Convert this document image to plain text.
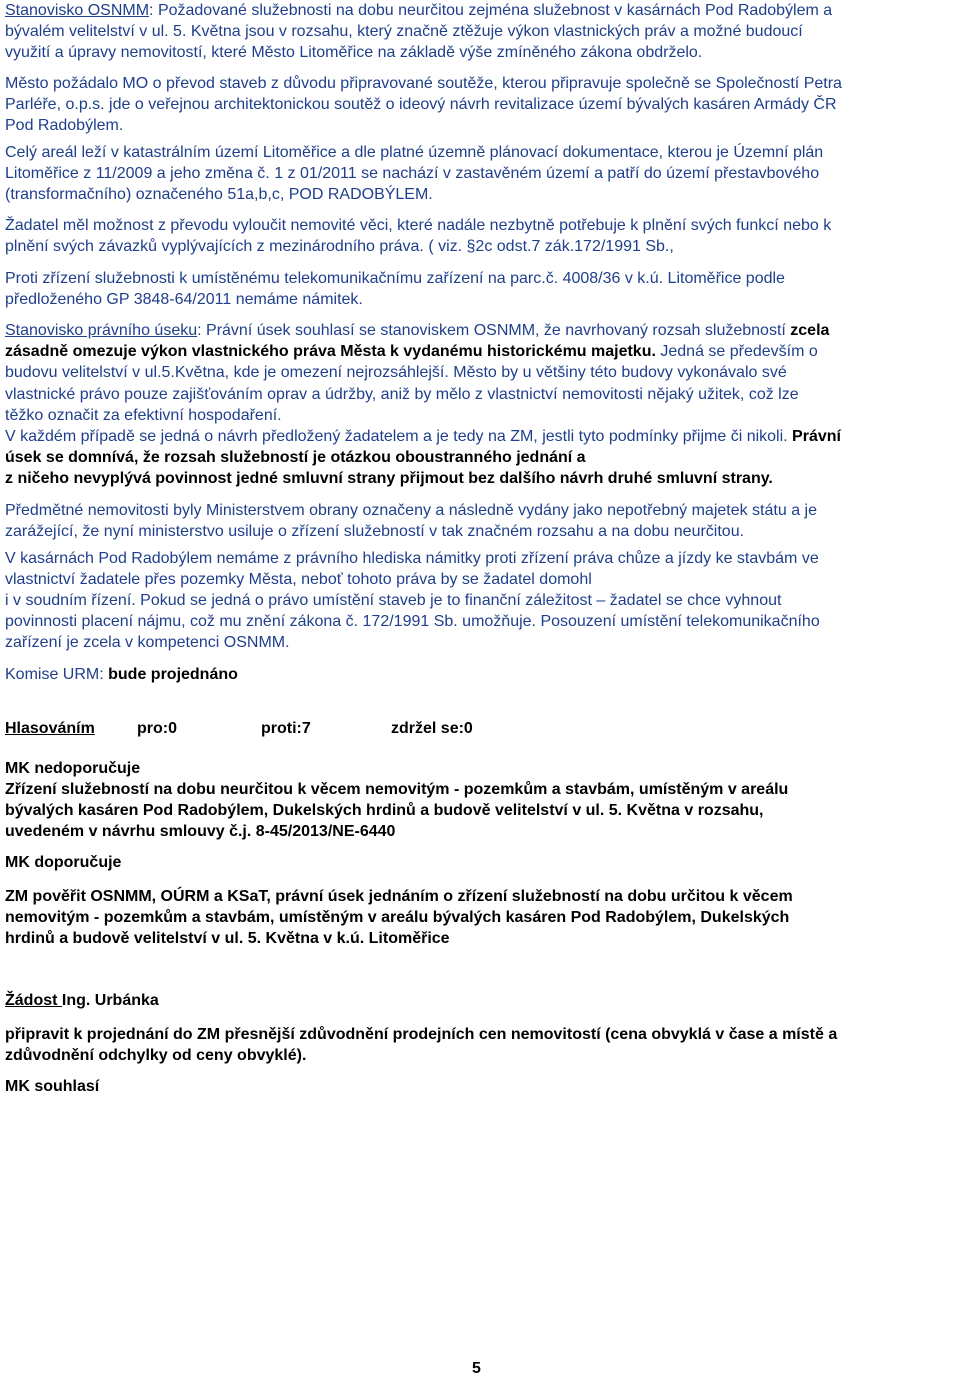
Stanovisko OSNMM: Požadované služebnosti na dobu neurčitou zejména služebnost v kasárnách Pod Radobýlem a
bývalém velitelství v ul. 5. Května jsou v rozsahu, který značně ztěžuje výkon vlastnických práv a možné budoucí
využití a úpravy nemovitostí, které Město Litoměřice na základě výše zmíněného zákona obdrželo.
Město požádalo MO o převod staveb z důvodu připravované soutěže, kterou připravuje společně se Společností Petra
Parléře, o.p.s. jde o veřejnou architektonickou soutěž o ideový návrh revitalizace území bývalých kasáren Armády ČR
Pod Radobýlem.
Celý areál leží v katastrálním území Litoměřice a dle platné územně plánovací dokumentace, kterou je Územní plán
Litoměřice z 11/2009 a jeho změna č. 1 z 01/2011 se nachází v zastavěném území a patří do území přestavbového
(transformačního) označeného 51a,b,c, POD RADOBÝLEM.
Žadatel měl možnost z převodu vyloučit nemovité věci, které nadále nezbytně potřebuje k plnění svých funkcí nebo k
plnění svých závazků vyplývajících z mezinárodního práva. ( viz. §2c odst.7 zák.172/1991 Sb.,
Proti zřízení služebnosti k umístěnému telekomunikačnímu zařízení na parc.č. 4008/36 v k.ú. Litoměřice podle
předloženého GP 3848-64/2011 nemáme námitek.
Stanovisko právního úseku: Právní úsek souhlasí se stanoviskem OSNMM, že navrhovaný rozsah služebností zcela
zásadně omezuje výkon vlastnického práva Města k vydanému historickému majetku. Jedná se především o
budovu velitelství v ul.5.Května, kde je omezení nejrozsáhlejší. Město by u většiny této budovy vykonávalo své
vlastnické právo pouze zajišťováním oprav a údržby, aniž by mělo z vlastnictví nemovitosti nějaký užitek, což lze
těžko označit za efektivní hospodaření.
V každém případě se jedná o návrh předložený žadatelem a je tedy na ZM, jestli tyto podmínky přijme či nikoli. Právní
úsek se domnívá, že rozsah služebností je otázkou oboustranného jednání a
z ničeho nevyplývá povinnost jedné smluvní strany přijmout bez dalšího návrh druhé smluvní strany.
Předmětné nemovitosti byly Ministerstvem obrany označeny a následně vydány jako nepotřebný majetek státu a je
zarážející, že nyní ministerstvo usiluje o zřízení služebností v tak značném rozsahu a na dobu neurčitou.
V kasárnách Pod Radobýlem nemáme z právního hlediska námitky proti zřízení práva chůze a jízdy ke stavbám ve
vlastnictví žadatele přes pozemky Města, neboť tohoto práva by se žadatel domohl
i v soudním řízení. Pokud se jedná o právo umístění staveb je to finanční záležitost – žadatel se chce vyhnout
povinnosti placení nájmu, což mu znění zákona č. 172/1991 Sb. umožňuje. Posouzení umístění telekomunikačního
zařízení je zcela v kompetenci OSNMM.
Komise URM: bude projednáno
Hlasováním	pro:0	proti:7	zdržel se:0
MK nedoporučuje
Zřízení služebností na dobu neurčitou k věcem nemovitým - pozemkům a stavbám, umístěným v areálu
bývalých kasáren Pod Radobýlem, Dukelských hrdinů a budově velitelství v ul. 5. Května v rozsahu,
uvedeném v návrhu smlouvy č.j. 8-45/2013/NE-6440
MK doporučuje
ZM pověřit OSNMM, OÚRM a KSaT, právní úsek jednáním o zřízení služebností na dobu určitou k věcem
nemovitým - pozemkům a stavbám, umístěným v areálu bývalých kasáren Pod Radobýlem, Dukelských
hrdinů a budově velitelství v ul. 5. Května v k.ú. Litoměřice
Žádost Ing. Urbánka
připravit k projednání do ZM přesnější zdůvodnění prodejních cen nemovitostí (cena obvyklá v čase a místě a
zdůvodnění odchylky od ceny obvyklé).
MK souhlasí
5
